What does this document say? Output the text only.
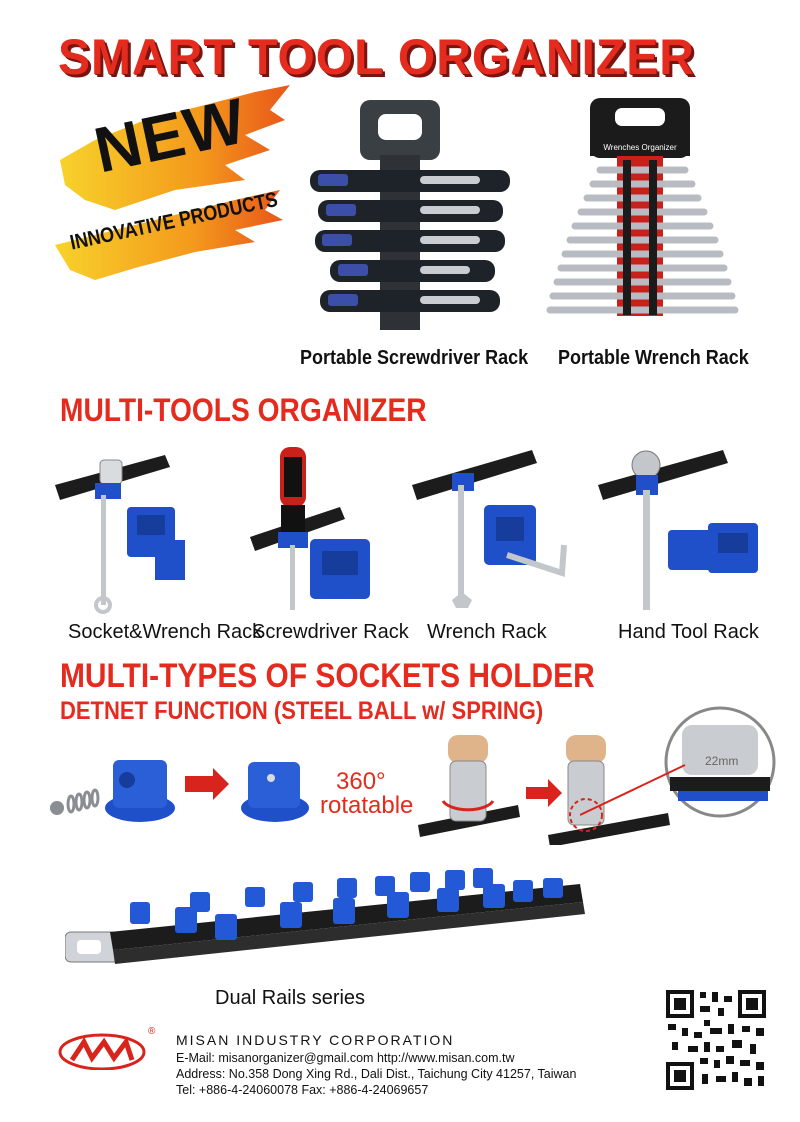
SMART TOOL ORGANIZER
NEW
INNOVATIVE PRODUCTS
Portable Screwdriver Rack
Wrenches Organizer
Portable Wrench Rack
MULTI-TOOLS ORGANIZER
Socket&Wrench Rack
Screwdriver Rack Wrench Rack	Hand Tool Rack
MULTI-TYPES OF SOCKETS HOLDER
DETNET FUNCTION (STEEL BALL w/ SPRING)
360°
rotatable
22mm
Dual Rails series
®
MISAN INDUSTRY CORPORATION
E-Mail: misanorganizer@gmail.com http://www.misan.com.tw
Address: No.358 Dong Xing Rd., Dali Dist., Taichung City 41257, Taiwan
Tel: +886-4-24060078 Fax: +886-4-24069657
